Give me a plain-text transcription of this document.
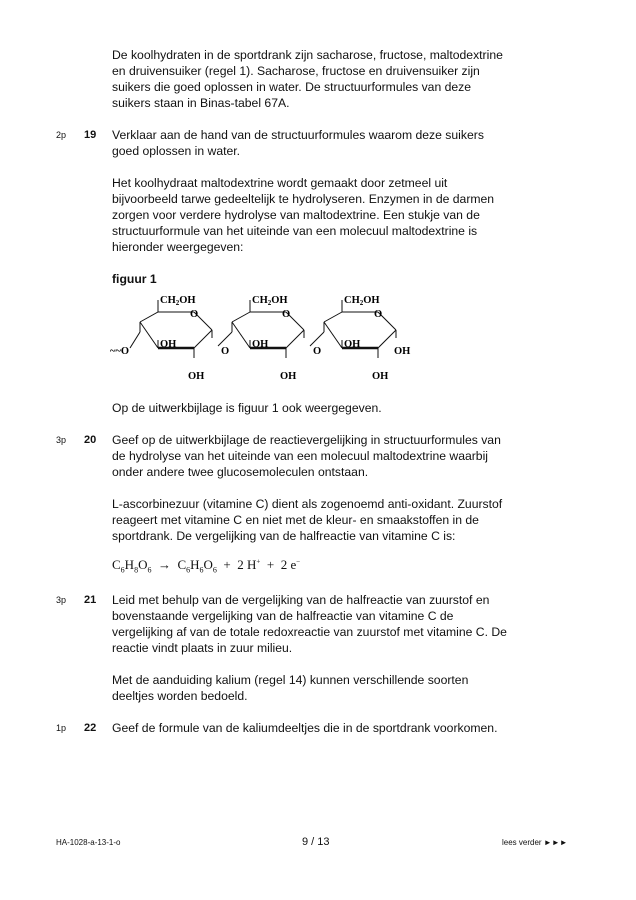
De koolhydraten in de sportdrank zijn sacharose, fructose, maltodextrine
en druivensuiker (regel 1). Sacharose, fructose en druivensuiker zijn
suikers die goed oplossen in water. De structuurformules van deze
suikers staan in Binas-tabel 67A.

2p 19 Verklaar aan de hand van de structuurformules waarom deze suikers
goed oplossen in water.

Het koolhydraat maltodextrine wordt gemaakt door zetmeel uit
bijvoorbeeld tarwe gedeeltelijk te hydrolyseren. Enzymen in de darmen
zorgen voor verdere hydrolyse van maltodextrine. Een stukje van de
structuurformule van het uiteinde van een molecuul maltodextrine is
hieronder weergegeven:

figuur 1
CH2OH
O
~~O
OH
OH
O
CH2OH
O
OH
OH
O
CH2OH
O
OH
OH
OH

Op de uitwerkbijlage is figuur 1 ook weergegeven.

3p 20 Geef op de uitwerkbijlage de reactievergelijking in structuurformules van
de hydrolyse van het uiteinde van een molecuul maltodextrine waarbij
onder andere twee glucosemoleculen ontstaan.

L-ascorbinezuur (vitamine C) dient als zogenoemd anti-oxidant. Zuurstof
reageert met vitamine C en niet met de kleur- en smaakstoffen in de
sportdrank. De vergelijking van de halfreactie van vitamine C is:

$C_6H_8O_6 \to C_6H_6O_6 + 2$ H+ + 2 e−
3p 21 Leid met behulp van de vergelijking van de halfreactie van zuurstof en
bovenstaande vergelijking van de halfreactie van vitamine C de
vergelijking af van de totale redoxreactie van zuurstof met vitamine C. De
reactie vindt plaats in zuur milieu.

Met de aanduiding kalium (regel 14) kunnen verschillende soorten
deeltjes worden bedoeld.

1p 22 Geef de formule van de kaliumdeeltjes die in de sportdrank voorkomen.

HA-1028-a-13-1-o	9 / 13	lees verder ►►►
